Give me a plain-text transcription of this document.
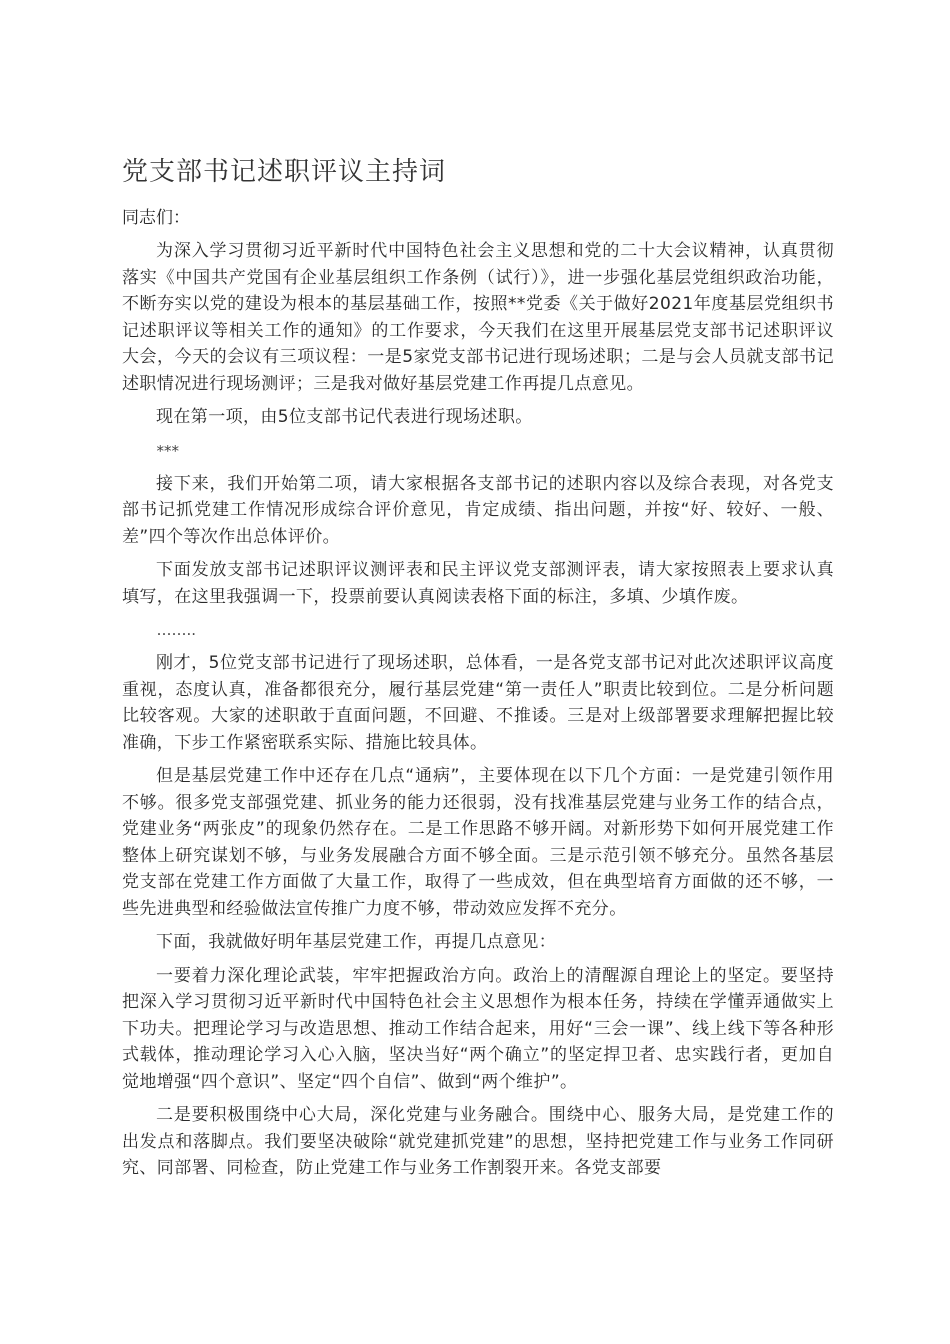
党支部书记述职评议主持词

同志们：

为深入学习贯彻习近平新时代中国特色社会主义思想和党的二十大会议精神，认真贯彻落实《中国共产党国有企业基层组织工作条例（试行）》，进一步强化基层党组织政治功能，不断夯实以党的建设为根本的基层基础工作，按照**党委《关于做好2021年度基层党组织书记述职评议等相关工作的通知》的工作要求，今天我们在这里开展基层党支部书记述职评议大会，今天的会议有三项议程：一是5家党支部书记进行现场述职；二是与会人员就支部书记述职情况进行现场测评；三是我对做好基层党建工作再提几点意见。

现在第一项，由5位支部书记代表进行现场述职。

***

接下来，我们开始第二项，请大家根据各支部书记的述职内容以及综合表现，对各党支部书记抓党建工作情况形成综合评价意见，肯定成绩、指出问题，并按“好、较好、一般、差”四个等次作出总体评价。

下面发放支部书记述职评议测评表和民主评议党支部测评表，请大家按照表上要求认真填写，在这里我强调一下，投票前要认真阅读表格下面的标注，多填、少填作废。

……..

刚才，5位党支部书记进行了现场述职，总体看，一是各党支部书记对此次述职评议高度重视，态度认真，准备都很充分，履行基层党建“第一责任人”职责比较到位。二是分析问题比较客观。大家的述职敢于直面问题，不回避、不推诿。三是对上级部署要求理解把握比较准确，下步工作紧密联系实际、措施比较具体。

但是基层党建工作中还存在几点“通病”，主要体现在以下几个方面：一是党建引领作用不够。很多党支部强党建、抓业务的能力还很弱，没有找准基层党建与业务工作的结合点，党建业务“两张皮”的现象仍然存在。二是工作思路不够开阔。对新形势下如何开展党建工作整体上研究谋划不够，与业务发展融合方面不够全面。三是示范引领不够充分。虽然各基层党支部在党建工作方面做了大量工作，取得了一些成效，但在典型培育方面做的还不够，一些先进典型和经验做法宣传推广力度不够，带动效应发挥不充分。

下面，我就做好明年基层党建工作，再提几点意见：

一要着力深化理论武装，牢牢把握政治方向。政治上的清醒源自理论上的坚定。要坚持把深入学习贯彻习近平新时代中国特色社会主义思想作为根本任务，持续在学懂弄通做实上下功夫。把理论学习与改造思想、推动工作结合起来，用好“三会一课”、线上线下等各种形式载体，推动理论学习入心入脑，坚决当好“两个确立”的坚定捍卫者、忠实践行者，更加自觉地增强“四个意识”、坚定“四个自信”、做到“两个维护”。

二是要积极围绕中心大局，深化党建与业务融合。围绕中心、服务大局，是党建工作的出发点和落脚点。我们要坚决破除“就党建抓党建”的思想，坚持把党建工作与业务工作同研究、同部署、同检查，防止党建工作与业务工作割裂开来。各党支部要
